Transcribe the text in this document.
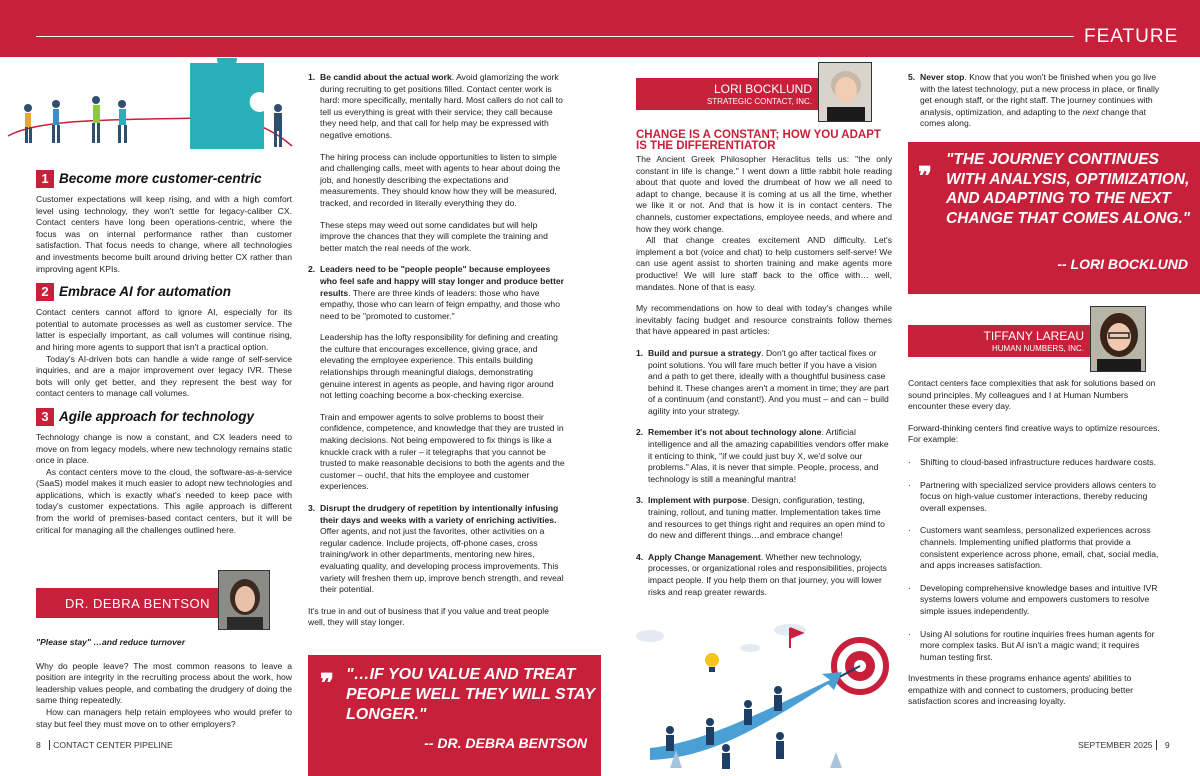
FEATURE
1 Become more customer-centric

Customer expectations will keep rising, and with a high comfort level using technology, they won't settle for legacy-caliber CX. Contact centers have long been operations-centric, where the focus was on internal performance rather than customer satisfaction. That focus needs to change, where all technologies and investments become built around driving better CX rather than improving agent KPIs.

2 Embrace AI for automation

Contact centers cannot afford to ignore AI, especially for its potential to automate processes as well as customer service. The latter is especially important, as call volumes will continue rising, and hiring more agents to support that isn't a practical option.

Today's AI-driven bots can handle a wide range of self-service inquiries, and are a major improvement over legacy IVR. These bots will only get better, and they represent the best way for contact centers to manage call volumes.

3 Agile approach for technology

Technology change is now a constant, and CX leaders need to move on from legacy models, where new technology remains static once in place.

As contact centers move to the cloud, the software-as-a-service (SaaS) model makes it much easier to adopt new technologies and applications, which is exactly what's needed to keep pace with today's customer expectations. This agile approach is different from the world of premises-based contact centers, but it will be critical for managing all the challenges outlined here.

DR. DEBRA BENTSON

"Please stay" …and reduce turnover

Why do people leave? The most common reasons to leave a position are integrity in the recruiting process about the work, how leadership values people, and combating the drudgery of doing the same thing repeatedly.

How can managers help retain employees who would prefer to stay but feel they must move on to other employers?

8 CONTACT CENTER PIPELINE
1. Be candid about the actual work. Avoid glamorizing the work during recruiting to get positions filled. Contact center work is hard: more specifically, mentally hard. Most callers do not call to tell us everything is great with their service; they call because they need help, and that call for help may be expressed with negative emotions.

The hiring process can include opportunities to listen to simple and challenging calls, meet with agents to hear about doing the job, and honestly describing the expectations and measurements. They should know how they will be measured, tracked, and recorded in literally everything they do.

These steps may weed out some candidates but will help improve the chances that they will complete the training and better match the real needs of the work.

2. Leaders need to be "people people" because employees who feel safe and happy will stay longer and produce better results. There are three kinds of leaders: those who have empathy, those who can learn of feign empathy, and those who need to be "promoted to customer."

Leadership has the lofty responsibility for defining and creating the culture that encourages excellence, giving grace, and elevating the employee experience. This entails building relationships through meaningful dialogs, demonstrating genuine interest in agents as people, and having rigor around not letting coaching become a box-checking exercise.

Train and empower agents to solve problems to boost their confidence, competence, and knowledge that they are trusted in making decisions. Not being empowered to fix things is like a knuckle crack with a ruler – it telegraphs that you cannot be trusted to make reasonable decisions to both the agents and the customer – ouch!, that hits the employee and customer experiences.

3. Disrupt the drudgery of repetition by intentionally infusing their days and weeks with a variety of enriching activities. Offer agents, and not just the favorites, other activities on a regular cadence. Include projects, off-phone cases, cross training/work in other departments, mentoring new hires, evaluating quality, and developing process improvements. This variety will freshen them up, improve bench strength, and reveal their potential.

It's true in and out of business that if you value and treat people well, they will stay longer.

❞ "…IF YOU VALUE AND TREAT PEOPLE WELL THEY WILL STAY LONGER."
-- DR. DEBRA BENTSON
LORI BOCKLUND
STRATEGIC CONTACT, INC.
CHANGE IS A CONSTANT; HOW YOU ADAPT IS THE DIFFERENTIATOR

The Ancient Greek Philosopher Heraclitus tells us: "the only constant in life is change." I went down a little rabbit hole reading about that quote and loved the drumbeat of how we all need to adapt to change, because it is coming at us all the time, whether we like it or not. And that is how it is in contact centers. The channels, customer expectations, employee needs, and where and how they work change.

All that change creates excitement AND difficulty. Let's implement a bot (voice and chat) to help customers self-serve! We can use agent assist to shorten training and make agents more productive! We will lure staff back to the office with… well, mandates. None of that is easy.

My recommendations on how to deal with today's changes while inevitably facing budget and resource constraints follow themes that have appeared in past articles:

1. Build and pursue a strategy. Don't go after tactical fixes or point solutions. You will fare much better if you have a vision and a path to get there, ideally with a thoughtful business case behind it. These changes aren't a moment in time; they are part of a continuum (and constant!). And you must – and can – build agility into your strategy.
2. Remember it's not about technology alone. Artificial intelligence and all the amazing capabilities vendors offer make it enticing to think, "if we could just buy X, we'd solve our problems." Alas, it is never that simple. People, process, and technology is still a meaningful mantra!
3. Implement with purpose. Design, configuration, testing, training, rollout, and tuning matter. Implementation takes time and resources to get things right and requires an open mind to do new and different things…and embrace change!
4. Apply Change Management. Whether new technology, processes, or organizational roles and responsibilities, projects impact people. If you help them on that journey, you will lower risks and reap greater rewards.
5. Never stop. Know that you won't be finished when you go live with the latest technology, put a new process in place, or finally get enough staff, or the right staff. The journey continues with analysis, optimization, and adapting to the next change that comes along.
❞
"THE JOURNEY CONTINUES WITH ANALYSIS, OPTIMIZATION, AND ADAPTING TO THE NEXT CHANGE THAT COMES ALONG."
-- LORI BOCKLUND
TIFFANY LAREAU
HUMAN NUMBERS, INC.

Contact centers face complexities that ask for solutions based on sound principles. My colleagues and I at Human Numbers encounter these every day.

Forward-thinking centers find creative ways to optimize resources. For example:

·	Shifting to cloud-based infrastructure reduces hardware costs.
·	Partnering with specialized service providers allows centers to focus on high-value customer interactions, thereby reducing overall expenses.
·	Customers want seamless, personalized experiences across channels. Implementing unified platforms that provide a consistent experience across phone, email, chat, social media, and apps increases satisfaction.
·	Developing comprehensive knowledge bases and intuitive IVR systems lowers volume and empowers customers to resolve simple issues independently.
·	Using AI solutions for routine inquiries frees human agents for more complex tasks. But AI isn't a magic wand; it requires human testing first.

Investments in these programs enhance agents' abilities to empathize with and connect to customers, producing better satisfaction scores and increasing loyalty.

SEPTEMBER 2025 9
